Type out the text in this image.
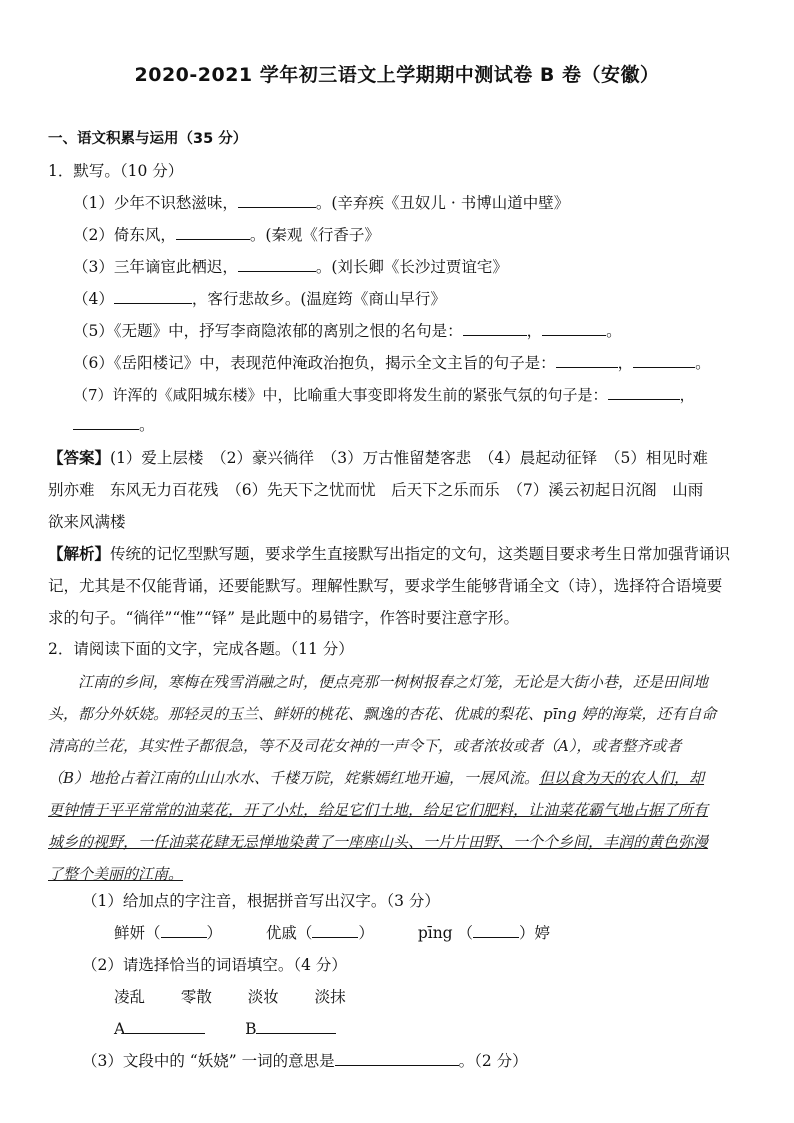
2020-2021 学年初三语文上学期期中测试卷 B 卷（安徽）
一、语文积累与运用（35 分）
1．默写。（10 分）
（1）少年不识愁滋味，	。(辛弃疾《丑奴儿 · 书博山道中壁》
（2）倚东风，	。(秦观《行香子》
（3）三年谪宦此栖迟，	。(刘长卿《长沙过贾谊宅》
（4）	，客行悲故乡。(温庭筠《商山早行》
（5）《无题》中，抒写李商隐浓郁的离别之恨的名句是：	，	。
（6）《岳阳楼记》中，表现范仲淹政治抱负，揭示全文主旨的句子是：	，	。
（7）许浑的《咸阳城东楼》中，比喻重大事变即将发生前的紧张气氛的句子是：	，
。
【答案】(1）爱上层楼　（2）豪兴徜徉　（3）万古惟留楚客悲　（4）晨起动征铎　（5）相见时难
别亦难　东风无力百花残　（6）先天下之忧而忧　后天下之乐而乐　（7）溪云初起日沉阁　山雨
欲来风满楼
【解析】传统的记忆型默写题，要求学生直接默写出指定的文句，这类题目要求考生日常加强背诵识
记，尤其是不仅能背诵，还要能默写。理解性默写，要求学生能够背诵全文（诗），选择符合语境要
求的句子。“徜徉”“惟”“铎” 是此题中的易错字，作答时要注意字形。
2．请阅读下面的文字，完成各题。（11 分）
江南的乡间，寒梅在残雪消融之时，便点亮那一树树报春之灯笼，无论是大街小巷，还是田间地
头，都分外妖娆。那轻灵的玉兰、鲜妍的桃花、飘逸的杏花、优戚的梨花、pīng 婷的海棠，还有自命
清高的兰花，其实性子都很急，等不及司花女神的一声令下，或者浓妆或者（A），或者整齐或者
（B）地抢占着江南的山山水水、千楼万院，姹紫嫣红地开遍，一展风流。但以食为天的农人们，却
更钟情于平平常常的油菜花，开了小灶，给足它们土地，给足它们肥料，让油菜花霸气地占据了所有
城乡的视野，一任油菜花肆无忌惮地染黄了一座座山头、一片片田野、一个个乡间，丰润的黄色弥漫
了整个美丽的江南。
（1）给加点的字注音，根据拼音写出汉字。（3 分）
鲜妍（	）	优戚（	）	pīng （	）婷
（2）请选择恰当的词语填空。（4 分）
凌乱 零散 淡妆 淡抹
A	B
（3）文段中的 “妖娆” 一词的意思是	。（2 分）
